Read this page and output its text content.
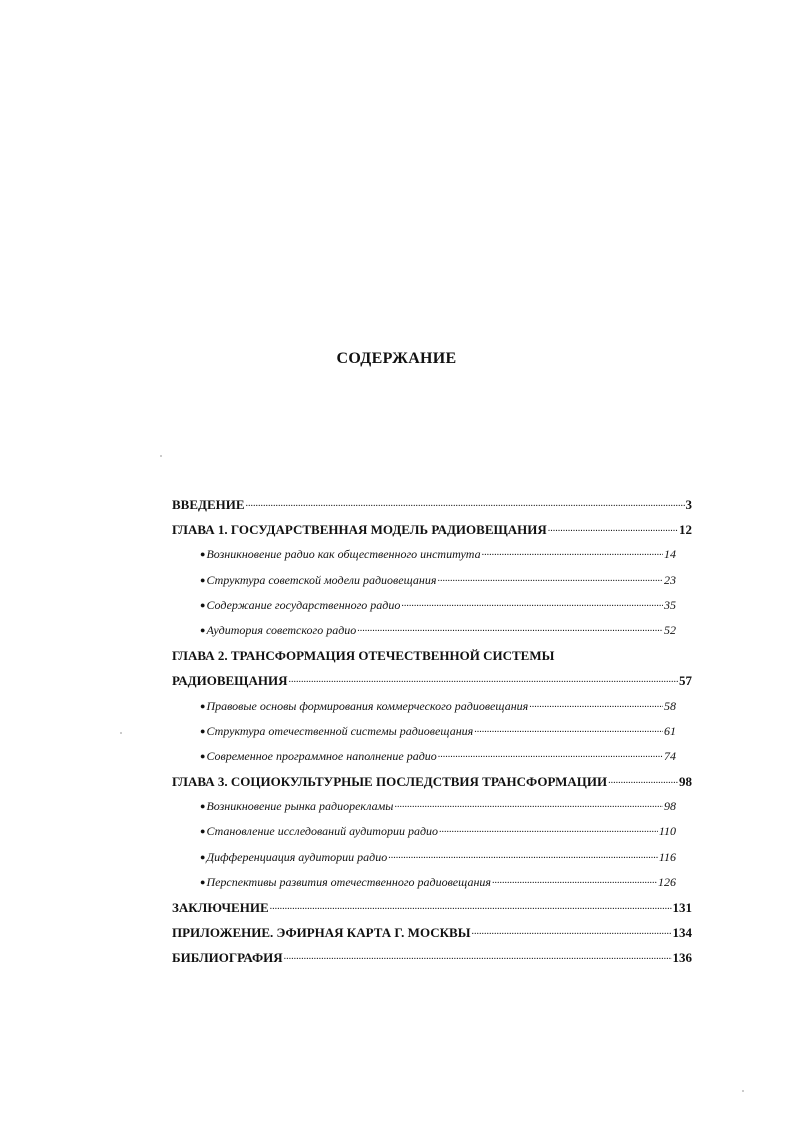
СОДЕРЖАНИЕ
ВВЕДЕНИЕ .....	3
ГЛАВА 1. ГОСУДАРСТВЕННАЯ МОДЕЛЬ РАДИОВЕЩАНИЯ .....	12
●Возникновение радио как общественного института .....	14
●Структура советской модели радиовещания .....	23
●Содержание государственного радио .....	35
●Аудитория советского радио .....	52
ГЛАВА 2. ТРАНСФОРМАЦИЯ ОТЕЧЕСТВЕННОЙ СИСТЕМЫ
РАДИОВЕЩАНИЯ .....	57
●Правовые основы формирования коммерческого радиовещания .....	58
●Структура отечественной системы радиовещания .....	61
●Современное программное наполнение радио .....	74
ГЛАВА 3. СОЦИОКУЛЬТУРНЫЕ ПОСЛЕДСТВИЯ ТРАНСФОРМАЦИИ .....	98
●Возникновение рынка радиорекламы .....	98
●Становление исследований аудитории радио .....	110
●Дифференциация аудитории радио .....	116
●Перспективы развития отечественного радиовещания .....	126
ЗАКЛЮЧЕНИЕ .....	131
ПРИЛОЖЕНИЕ. ЭФИРНАЯ КАРТА Г. МОСКВЫ .....	134
БИБЛИОГРАФИЯ .....	136
